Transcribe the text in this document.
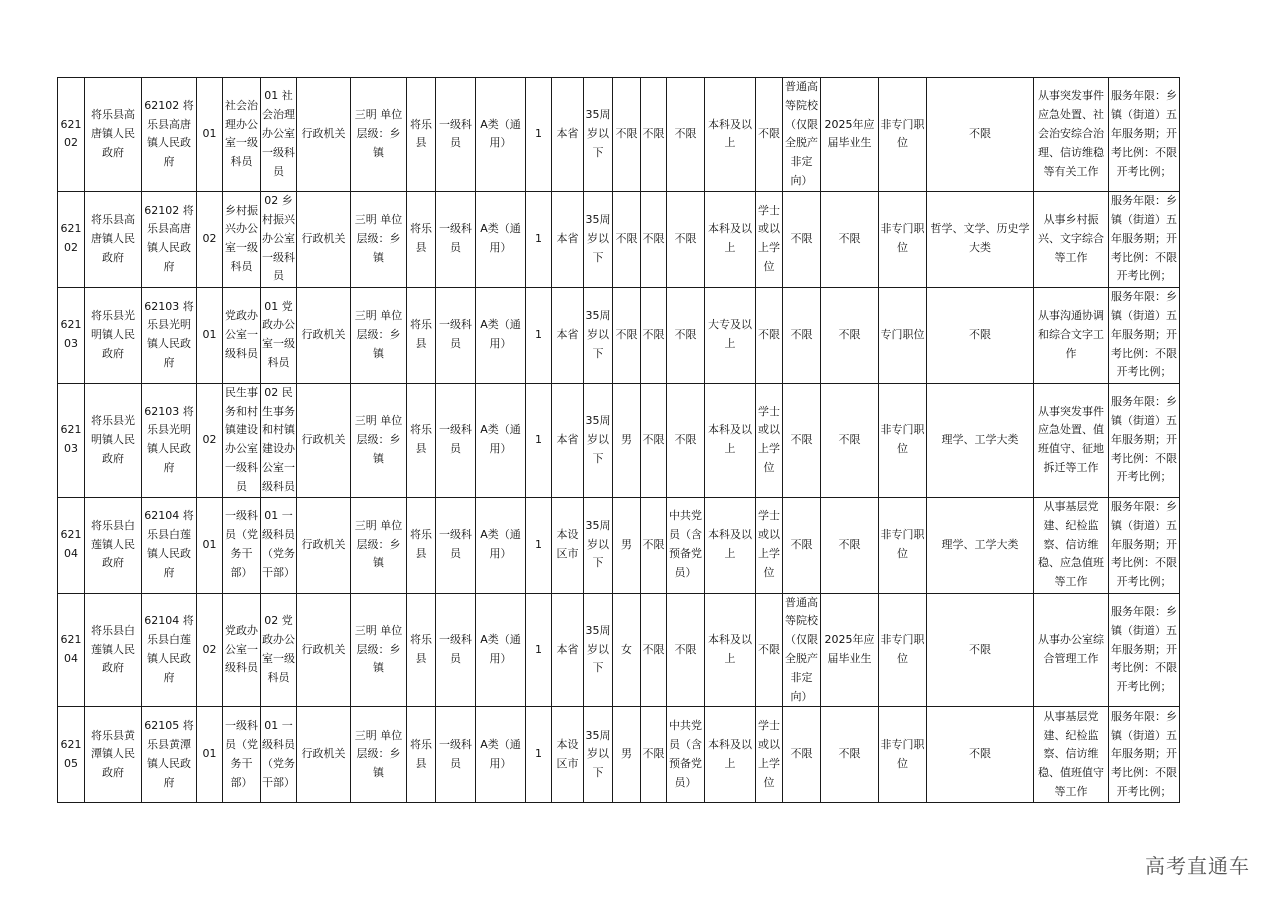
62102	将乐县高唐镇人民政府	62102 将乐县高唐镇人民政府	01	社会治理办公室一级科员	01 社会治理办公室一级科员	行政机关	三明 单位层级：乡镇	将乐县	一级科员	A类（通用）	1	本省	35周岁以下	不限	不限	不限	本科及以上	不限	普通高等院校（仅限全脱产非定向）	2025年应届毕业生	非专门职位	不限	从事突发事件应急处置、社会治安综合治理、信访维稳等有关工作	服务年限：乡镇（街道）五年服务期；开考比例：不限开考比例；
62102	将乐县高唐镇人民政府	62102 将乐县高唐镇人民政府	02	乡村振兴办公室一级科员	02 乡村振兴办公室一级科员	行政机关	三明 单位层级：乡镇	将乐县	一级科员	A类（通用）	1	本省	35周岁以下	不限	不限	不限	本科及以上	学士或以上学位	不限	不限	非专门职位	哲学、文学、历史学大类	从事乡村振兴、文字综合等工作	服务年限：乡镇（街道）五年服务期；开考比例：不限开考比例；
62103	将乐县光明镇人民政府	62103 将乐县光明镇人民政府	01	党政办公室一级科员	01 党政办公室一级科员	行政机关	三明 单位层级：乡镇	将乐县	一级科员	A类（通用）	1	本省	35周岁以下	不限	不限	不限	大专及以上	不限	不限	不限	专门职位	不限	从事沟通协调和综合文字工作	服务年限：乡镇（街道）五年服务期；开考比例：不限开考比例；
62103	将乐县光明镇人民政府	62103 将乐县光明镇人民政府	02	民生事务和村镇建设办公室一级科员	02 民生事务和村镇建设办公室一级科员	行政机关	三明 单位层级：乡镇	将乐县	一级科员	A类（通用）	1	本省	35周岁以下	男	不限	不限	本科及以上	学士或以上学位	不限	不限	非专门职位	理学、工学大类	从事突发事件应急处置、值班值守、征地拆迁等工作	服务年限：乡镇（街道）五年服务期；开考比例：不限开考比例；
62104	将乐县白莲镇人民政府	62104 将乐县白莲镇人民政府	01	一级科员（党务干部）	01 一级科员（党务干部）	行政机关	三明 单位层级：乡镇	将乐县	一级科员	A类（通用）	1	本设区市	35周岁以下	男	不限	中共党员（含预备党员）	本科及以上	学士或以上学位	不限	不限	非专门职位	理学、工学大类	从事基层党建、纪检监察、信访维稳、应急值班等工作	服务年限：乡镇（街道）五年服务期；开考比例：不限开考比例；
62104	将乐县白莲镇人民政府	62104 将乐县白莲镇人民政府	02	党政办公室一级科员	02 党政办公室一级科员	行政机关	三明 单位层级：乡镇	将乐县	一级科员	A类（通用）	1	本省	35周岁以下	女	不限	不限	本科及以上	不限	普通高等院校（仅限全脱产非定向）	2025年应届毕业生	非专门职位	不限	从事办公室综合管理工作	服务年限：乡镇（街道）五年服务期；开考比例：不限开考比例；
62105	将乐县黄潭镇人民政府	62105 将乐县黄潭镇人民政府	01	一级科员（党务干部）	01 一级科员（党务干部）	行政机关	三明 单位层级：乡镇	将乐县	一级科员	A类（通用）	1	本设区市	35周岁以下	男	不限	中共党员（含预备党员）	本科及以上	学士或以上学位	不限	不限	非专门职位	不限	从事基层党建、纪检监察、信访维稳、值班值守等工作	服务年限：乡镇（街道）五年服务期；开考比例：不限开考比例；
高考直通车
